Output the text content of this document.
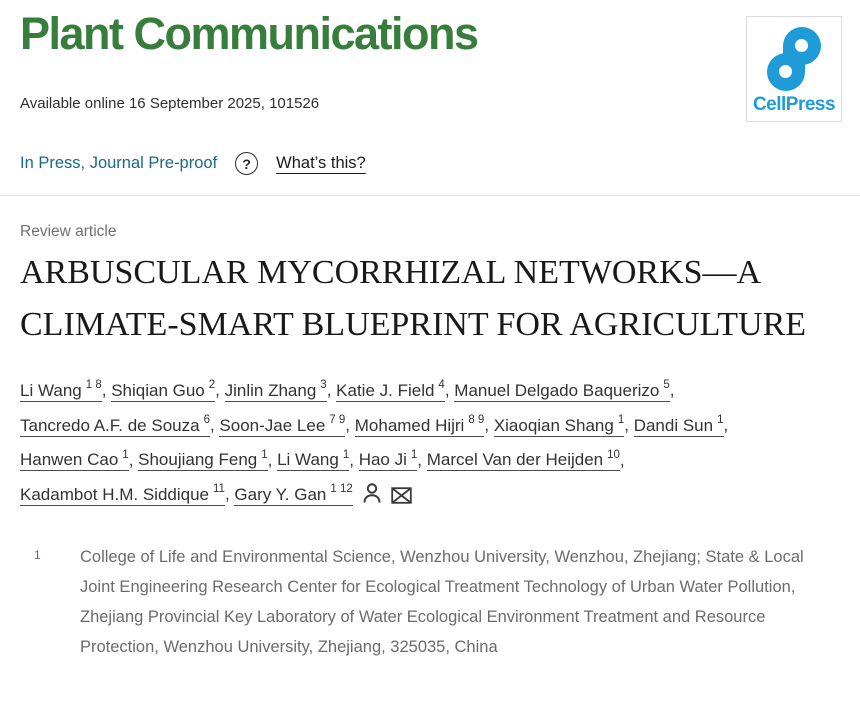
Plant Communications
CellPress
Available online 16 September 2025, 101526
In Press, Journal Pre-proof	?	What’s this?
Review article
ARBUSCULAR MYCORRHIZAL NETWORKS—A CLIMATE-SMART BLUEPRINT FOR AGRICULTURE
Li Wang $^{1 8}$, Shiqian Guo $^2$, Jinlin Zhang $^3$, Katie J. Field $^4$, Manuel Delgado Baquerizo $^5$, Tancredo A.F. de Souza $^6$, Soon-Jae Lee $^{7 9}$, Mohamed Hijri $^{8 9}$, Xiaoqian Shang $^1$, Dandi Sun $^1$, Hanwen Cao $^1$, Shoujiang Feng $^1$, Li Wang $^1$, Hao Ji $^1$, Marcel Van der Heijden $^{10}$, Kadambot H.M. Siddique $^{11}$, Gary Y. Gan $^{1 12}$
1	College of Life and Environmental Science, Wenzhou University, Wenzhou, Zhejiang; State & Local Joint Engineering Research Center for Ecological Treatment Technology of Urban Water Pollution, Zhejiang Provincial Key Laboratory of Water Ecological Environment Treatment and Resource Protection, Wenzhou University, Zhejiang, 325035, China
